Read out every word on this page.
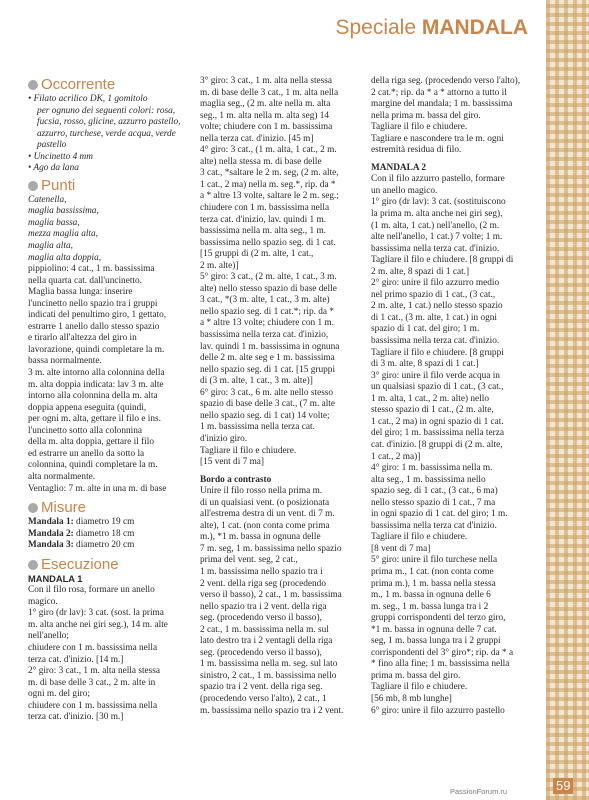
Speciale MANDALA
Occorrente
• Filato acrilico DK, 1 gomitolo
per ognuno dei seguenti colori: rosa,
fucsia, rosso, glicine, azzurro pastello,
azzurro, turchese, verde acqua, verde
pastello
• Uncinetto 4 mm
• Ago da lana
Punti
Catenella,
maglia bassissima,
maglia bassa,
mezza maglia alta,
maglia alta,
maglia alta doppia,
pippiolino: 4 cat., 1 m. bassissima
nella quarta cat. dall'uncinetto.
Maglia bassa lunga: inserire
l'uncinetto nello spazio tra i gruppi
indicati del penultimo giro, 1 gettato,
estrarre 1 anello dallo stesso spazio
e tirarlo all'altezza del giro in
lavorazione, quindi completare la m.
bassa normalmente.
3 m. alte intorno alla colonnina della
m. alta doppia indicata: lav 3 m. alte
intorno alla colonnina della m. alta
doppia appena eseguita (quindi,
per ogni m. alta, gettare il filo e ins.
l'uncinetto sotto alla colonnina
della m. alta doppia, gettare il filo
ed estrarre un anello da sotto la
colonnina, quindi completare la m.
alta normalmente.
Ventaglio: 7 m. alte in una m. di base
Misure
Mandala 1: diametro 19 cm
Mandala 2: diametro 18 cm
Mandala 3: diametro 20 cm
Esecuzione
MANDALA 1
Con il filo rosa, formare un anello
magico.
1° giro (dr lav): 3 cat. (sost. la prima
m. alta anche nei giri seg.), 14 m. alte
nell'anello;
chiudere con 1 m. bassissima nella
terza cat. d'inizio. [14 m.]
2° giro: 3 cat., 1 m. alta nella stessa
m. di base delle 3 cat., 2 m. alte in
ogni m. del giro;
chiudere con 1 m. bassissima nella
terza cat. d'inizio. [30 m.]
3° giro: 3 cat., 1 m. alta nella stessa
m. di base delle 3 cat., 1 m. alta nella
maglia seg., (2 m. alte nella m. alta
seg., 1 m. alta nella m. alta seg) 14
volte; chiudere con 1 m. bassissima
nella terza cat. d'inizio. [45 m]
4° giro: 3 cat., (1 m. alta, 1 cat., 2 m.
alte) nella stessa m. di base delle
3 cat., *saltare le 2 m. seg, (2 m. alte,
1 cat., 2 ma) nella m. seg.*, rip. da *
a * altre 13 volte, saltare le 2 m. seg.;
chiudere con 1 m. bassissima nella
terza cat. d'inizio, lav. quindi 1 m.
bassissima nella m. alta seg., 1 m.
bassissima nello spazio seg. di 1 cat.
[15 gruppi di (2 m. alte, 1 cat.,
2 m. alte)]
5° giro: 3 cat., (2 m. alte, 1 cat., 3 m.
alte) nello stesso spazio di base delle
3 cat., *(3 m. alte, 1 cat., 3 m. alte)
nello spazio seg. di 1 cat.*; rip. da *
a * altre 13 volte; chiudere con 1 m.
bassissima nella terza cat. d'inizio,
lav. quindi 1 m. bassissima in ognuna
delle 2 m. alte seg e 1 m. bassissima
nello spazio seg. di 1 cat. [15 gruppi
di (3 m. alte, 1 cat., 3 m. alte)]
6° giro: 3 cat., 6 m. alte nello stesso
spazio di base delle 3 cat., (7 m. alte
nello spazio seg. di 1 cat) 14 volte;
1 m. bassissima nella terza cat.
d'inizio giro.
Tagliare il filo e chiudere.
[15 vent di 7 ma]
Bordo a contrasto
Unire il filo rosso nella prima m.
di un qualsiasi vent. (o posizionata
all'estrema destra di un vent. di 7 m.
alte), 1 cat. (non conta come prima
m.), *1 m. bassa in ognuna delle
7 m. seg, 1 m. bassissima nello spazio
prima del vent. seg, 2 cat.,
1 m. bassissima nello spazio tra i
2 vent. della riga seg (procedendo
verso il basso), 2 cat., 1 m. bassissima
nello spazio tra i 2 vent. della riga
seg. (procedendo verso il basso),
2 cat., 1 m. bassissima nella m. sul
lato destro tra i 2 ventagli della riga
seg. (procedendo verso il basso),
1 m. bassissima nella m. seg. sul lato
sinistro, 2 cat., 1 m. bassissima nello
spazio tra i 2 vent. della riga seg.
(procedendo verso l'alto), 2 cat., 1
m. bassissima nello spazio tra i 2 vent.
della riga seg. (procedendo verso l'alto),
2 cat.*; rip. da * a * attorno a tutto il
margine del mandala; 1 m. bassissima
nella prima m. bassa del giro.
Tagliare il filo e chiudere.
Tagliare e nascondere tra le m. ogni
estremità residua di filo.
MANDALA 2
Con il filo azzurro pastello, formare
un anello magico.
1° giro (dr lav): 3 cat. (sostituiscono
la prima m. alta anche nei giri seg),
(1 m. alta, 1 cat.) nell'anello, (2 m.
alte nell'anello, 1 cat.) 7 volte; 1 m.
bassissima nella terza cat. d'inizio.
Tagliare il filo e chiudere. [8 gruppi di
2 m. alte, 8 spazi di 1 cat.]
2° giro: unire il filo azzurro medio
nel primo spazio di 1 cat., (3 cat.,
2 m. alte, 1 cat.) nello stesso spazio
di 1 cat., (3 m. alte, 1 cat.) in ogni
spazio di 1 cat. del giro; 1 m.
bassissima nella terza cat. d'inizio.
Tagliare il filo e chiudere. [8 gruppi
di 3 m. alte, 8 spazi di 1 cat.]
3° giro: unire il filo verde acqua in
un qualsiasi spazio di 1 cat., (3 cat.,
1 m. alta, 1 cat., 2 m. alte) nello
stesso spazio di 1 cat., (2 m. alte,
1 cat., 2 ma) in ogni spazio di 1 cat.
del giro; 1 m. bassissima nella terza
cat. d'inizio. [8 gruppi di (2 m. alte,
1 cat., 2 ma)]
4° giro: 1 m. bassissima nella m.
alta seg., 1 m. bassissima nello
spazio seg. di 1 cat., (3 cat., 6 ma)
nello stesso spazio di 1 cat., 7 ma
in ogni spazio di 1 cat. del giro; 1 m.
bassissima nella terza cat d'inizio.
Tagliare il filo e chiudere.
[8 vent di 7 ma]
5° giro: unire il filo turchese nella
prima m., 1 cat. (non conta come
prima m.), 1 m. bassa nella stessa
m., 1 m. bassa in ognuna delle 6
m. seg., 1 m. bassa lunga tra i 2
gruppi corrispondenti del terzo giro,
*1 m. bassa in ognuna delle 7 cat.
seg, 1 m. bassa lunga tra i 2 gruppi
corrispondenti del 3° giro*; rip. da * a
* fino alla fine; 1 m. bassissima nella
prima m. bassa del giro.
Tagliare il filo e chiudere.
[56 mb, 8 mb lunghe]
6° giro: unire il filo azzurro pastello
PassionForum.ru	59
